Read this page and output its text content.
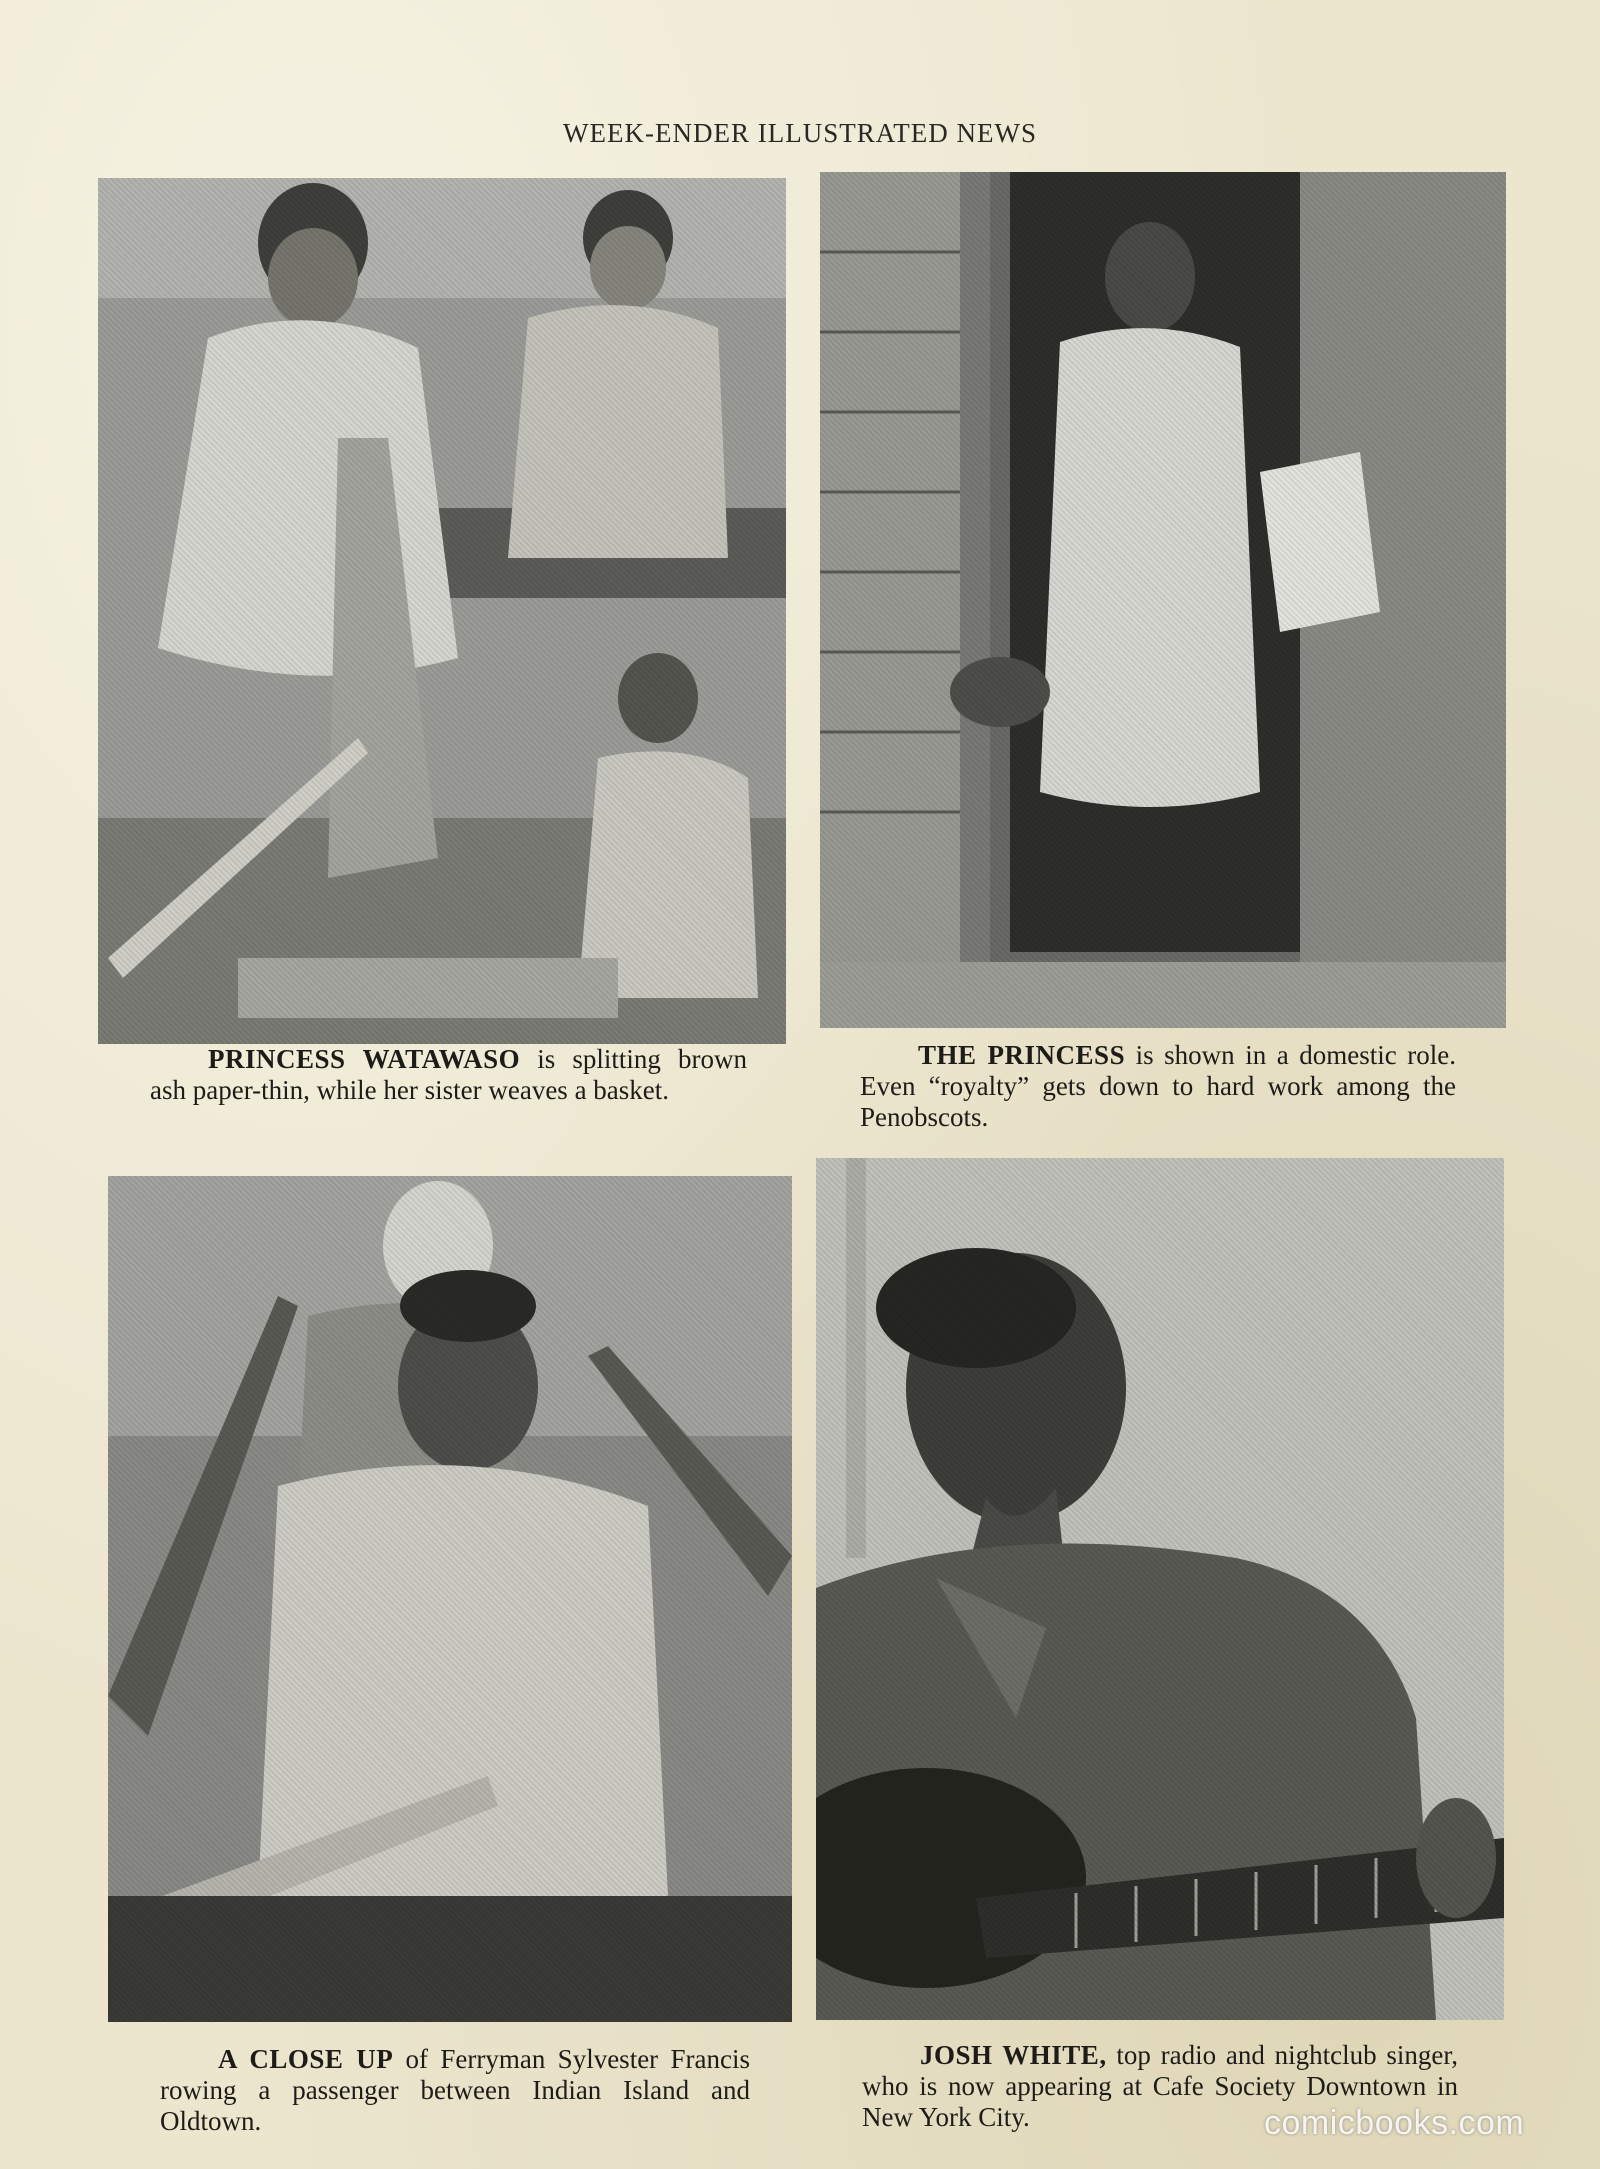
WEEK-ENDER ILLUSTRATED NEWS
PRINCESS WATAWASO is splitting brown ash paper-thin, while her sister weaves a basket.
THE PRINCESS is shown in a domestic role. Even “royalty” gets down to hard work among the Penobscots.
A CLOSE UP of Ferryman Sylvester Francis rowing a passenger between Indian Island and Oldtown.
JOSH WHITE, top radio and nightclub singer, who is now appearing at Cafe Society Downtown in New York City.	comicbooks.com
